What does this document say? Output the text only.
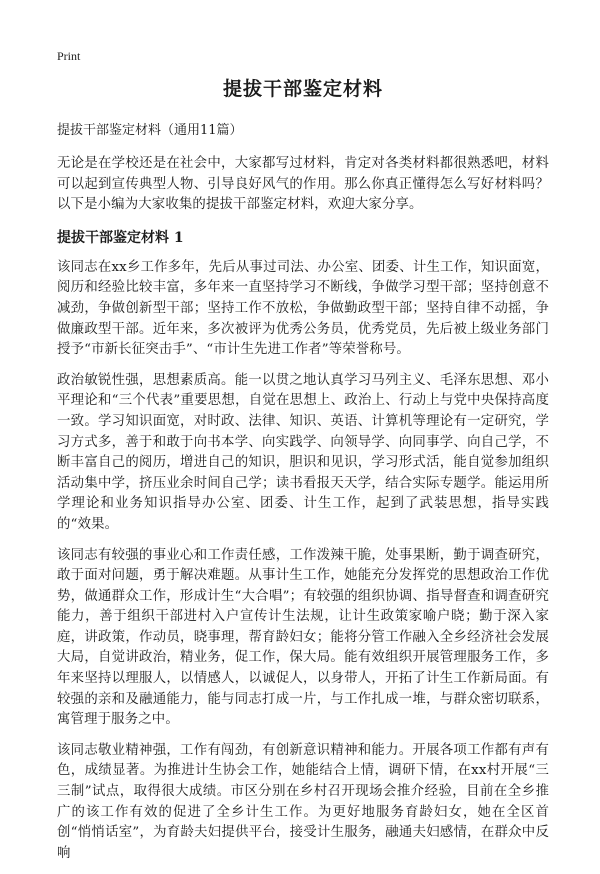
Print
提拔干部鉴定材料
提拔干部鉴定材料（通用11篇）

无论是在学校还是在社会中，大家都写过材料，肯定对各类材料都很熟悉吧，材料可以起到宣传典型人物、引导良好风气的作用。那么你真正懂得怎么写好材料吗？以下是小编为大家收集的提拔干部鉴定材料，欢迎大家分享。

提拔干部鉴定材料 1

该同志在xx乡工作多年，先后从事过司法、办公室、团委、计生工作，知识面宽，阅历和经验比较丰富，多年来一直坚持学习不断线，争做学习型干部；坚持创意不减劲，争做创新型干部；坚持工作不放松，争做勤政型干部；坚持自律不动摇，争做廉政型干部。近年来，多次被评为优秀公务员，优秀党员，先后被上级业务部门授予“市新长征突击手”、“市计生先进工作者”等荣誉称号。

政治敏锐性强，思想素质高。能一以贯之地认真学习马列主义、毛泽东思想、邓小平理论和“三个代表”重要思想，自觉在思想上、政治上、行动上与党中央保持高度一致。学习知识面宽，对时政、法律、知识、英语、计算机等理论有一定研究，学习方式多，善于和敢于向书本学、向实践学、向领导学、向同事学、向自己学，不断丰富自己的阅历，增进自己的知识，胆识和见识，学习形式活，能自觉参加组织活动集中学，挤压业余时间自己学；读书看报天天学，结合实际专题学。能运用所学理论和业务知识指导办公室、团委、计生工作，起到了武装思想，指导实践的“效果。

该同志有较强的事业心和工作责任感，工作泼辣干脆，处事果断，勤于调查研究，敢于面对问题，勇于解决难题。从事计生工作，她能充分发挥党的思想政治工作优势，做通群众工作，形成计生“大合唱”；有较强的组织协调、指导督查和调查研究能力，善于组织干部进村入户宣传计生法规，让计生政策家喻户晓；勤于深入家庭，讲政策，作动员，晓事理，帮育龄妇女；能将分管工作融入全乡经济社会发展大局，自觉讲政治，精业务，促工作，保大局。能有效组织开展管理服务工作，多年来坚持以理服人，以情感人，以诚促人，以身带人，开拓了计生工作新局面。有较强的亲和及融通能力，能与同志打成一片，与工作扎成一堆，与群众密切联系，寓管理于服务之中。

该同志敬业精神强，工作有闯劲，有创新意识精神和能力。开展各项工作都有声有色，成绩显著。为推进计生协会工作，她能结合上情，调研下情，在xx村开展“三三制”试点，取得很大成绩。市区分别在乡村召开现场会推介经验，目前在全乡推广的该工作有效的促进了全乡计生工作。为更好地服务育龄妇女，她在全区首创“悄悄话室”，为育龄夫妇提供平台，接受计生服务，融通夫妇感情，在群众中反响
